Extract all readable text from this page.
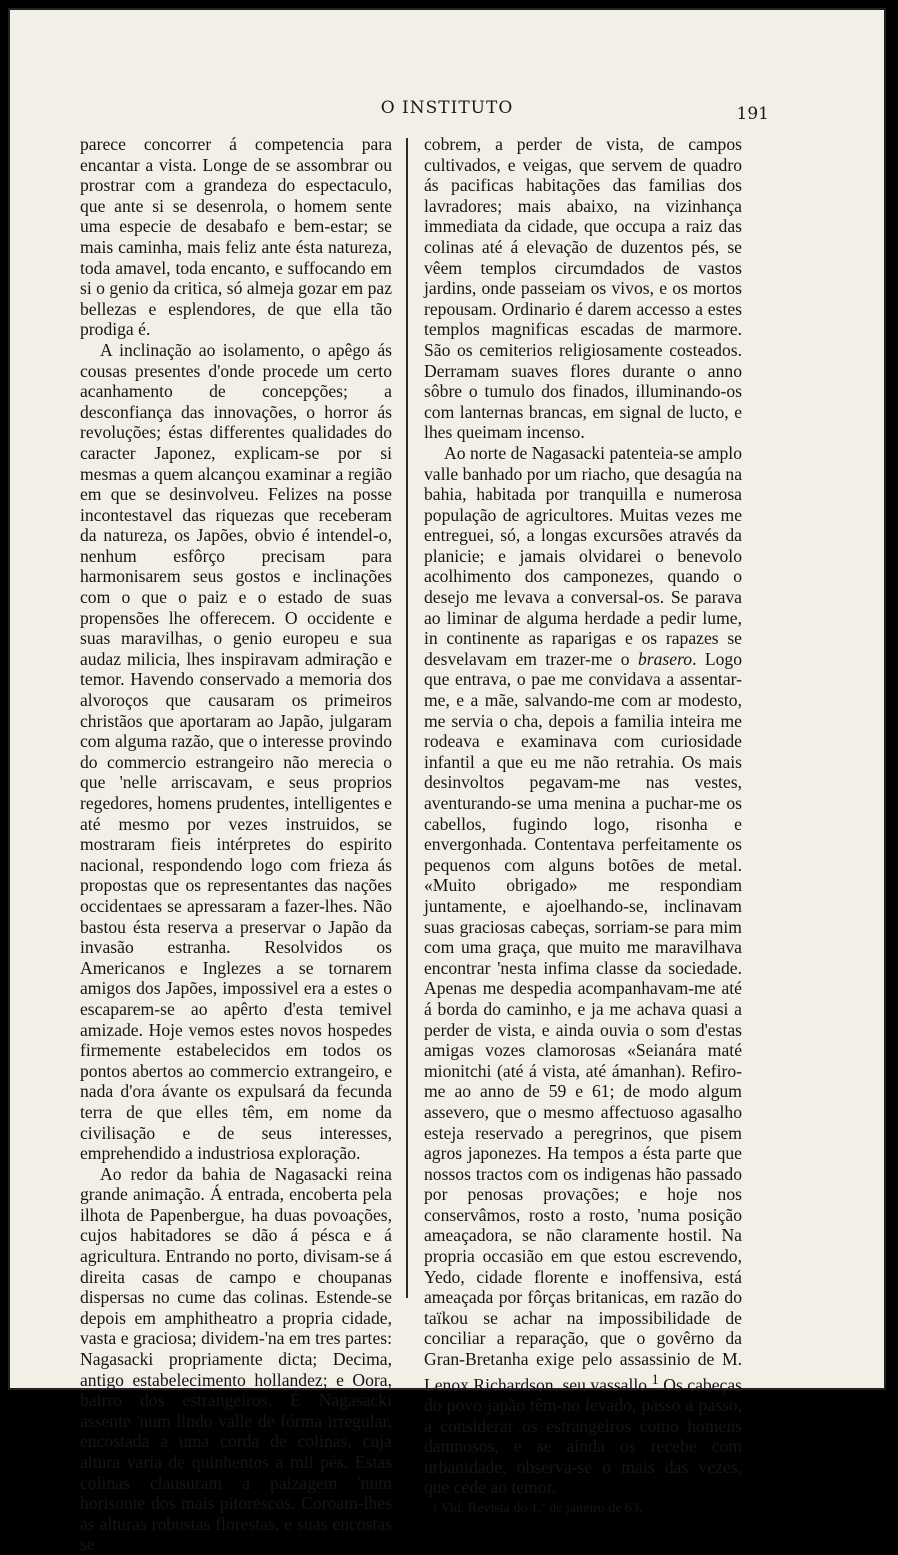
O INSTITUTO	191

parece concorrer á competencia para encantar a vista. Longe de se assombrar ou prostrar com a grandeza do espectaculo, que ante si se desenrola, o homem sente uma especie de desabafo e bem-estar; se mais caminha, mais feliz ante ésta natureza, toda amavel, toda encanto, e suffocando em si o genio da critica, só almeja gozar em paz bellezas e esplendores, de que ella tão prodiga é.

A inclinação ao isolamento, o apêgo ás cousas presentes d'onde procede um certo acanhamento de concepções; a desconfiança das innovações, o horror ás revoluções; éstas differentes qualidades do caracter Japonez, explicam-se por si mesmas a quem alcançou examinar a região em que se desinvolveu. Felizes na posse incontestavel das riquezas que receberam da natureza, os Japões, obvio é intendel-o, nenhum esfôrço precisam para harmonisarem seus gostos e inclinações com o que o paiz e o estado de suas propensões lhe offerecem. O occidente e suas maravilhas, o genio europeu e sua audaz milicia, lhes inspiravam admiração e temor. Havendo conservado a memoria dos alvoroços que causaram os primeiros christãos que aportaram ao Japão, julgaram com alguma razão, que o interesse provindo do commercio estrangeiro não merecia o que 'nelle arriscavam, e seus proprios regedores, homens prudentes, intelligentes e até mesmo por vezes instruidos, se mostraram fieis intérpretes do espirito nacional, respondendo logo com frieza ás propostas que os representantes das nações occidentaes se apressaram a fazer-lhes. Não bastou ésta reserva a preservar o Japão da invasão estranha. Resolvidos os Americanos e Inglezes a se tornarem amigos dos Japões, impossivel era a estes o escaparem-se ao apêrto d'esta temivel amizade. Hoje vemos estes novos hospedes firmemente estabelecidos em todos os pontos abertos ao commercio extrangeiro, e nada d'ora ávante os expulsará da fecunda terra de que elles têm, em nome da civilisação e de seus interesses, emprehendido a industriosa exploração.

Ao redor da bahia de Nagasacki reina grande animação. Á entrada, encoberta pela ilhota de Papenbergue, ha duas povoações, cujos habitadores se dão á pésca e á agricultura. Entrando no porto, divisam-se á direita casas de campo e choupanas dispersas no cume das colinas. Estende-se depois em amphitheatro a propria cidade, vasta e graciosa; dividem-'na em tres partes: Nagasacki propriamente dicta; Decima, antigo estabelecimento hollandez; e Oora, bairro dos estrangeiros. É Nagasacki assente 'num lindo valle de fórma irregular, encostada a uma corda de colinas, cuja altura varía de quinhentos a mil pés. Estas colinas clausuram a paizagem 'num horisonte dos mais pitorescos. Coroam-lhes as alturas robustas florestas, e suas encostas se

cobrem, a perder de vista, de campos cultivados, e veigas, que servem de quadro ás pacificas habitações das familias dos lavradores; mais abaixo, na vizinhança immediata da cidade, que occupa a raiz das colinas até á elevação de duzentos pés, se vêem templos circumdados de vastos jardins, onde passeiam os vivos, e os mortos repousam. Ordinario é darem accesso a estes templos magnificas escadas de marmore. São os cemiterios religiosamente costeados. Derramam suaves flores durante o anno sôbre o tumulo dos finados, illuminando-os com lanternas brancas, em signal de lucto, e lhes queimam incenso.

Ao norte de Nagasacki patenteia-se amplo valle banhado por um riacho, que desagúa na bahia, habitada por tranquilla e numerosa população de agricultores. Muitas vezes me entreguei, só, a longas excursões através da planicie; e jamais olvidarei o benevolo acolhimento dos camponezes, quando o desejo me levava a conversal-os. Se parava ao liminar de alguma herdade a pedir lume, in continente as raparigas e os rapazes se desvelavam em trazer-me o brasero. Logo que entrava, o pae me convidava a assentar-me, e a mãe, salvando-me com ar modesto, me servia o cha, depois a familia inteira me rodeava e examinava com curiosidade infantil a que eu me não retrahia. Os mais desinvoltos pegavam-me nas vestes, aventurando-se uma menina a puchar-me os cabellos, fugindo logo, risonha e envergonhada. Contentava perfeitamente os pequenos com alguns botões de metal. «Muito obrigado» me respondiam juntamente, e ajoelhando-se, inclinavam suas graciosas cabeças, sorriam-se para mim com uma graça, que muito me maravilhava encontrar 'nesta infima classe da sociedade. Apenas me despedia acompanhavam-me até á borda do caminho, e ja me achava quasi a perder de vista, e ainda ouvia o som d'estas amigas vozes clamorosas «Seianára maté mionitchi (até á vista, até ámanhan). Refiro-me ao anno de 59 e 61; de modo algum assevero, que o mesmo affectuoso agasalho esteja reservado a peregrinos, que pisem agros japonezes. Ha tempos a ésta parte que nossos tractos com os indigenas hão passado por penosas provações; e hoje nos conservâmos, rosto a rosto, 'numa posição ameaçadora, se não claramente hostil. Na propria occasião em que estou escrevendo, Yedo, cidade florente e inoffensiva, está ameaçada por fôrças britanicas, em razão do taïkou se achar na impossibilidade de conciliar a reparação, que o govêrno da Gran-Bretanha exige pelo assassinio de M. Lenox Richardson, seu vassallo.$^1$ Os cabeças do povo japão têm-no levado, passo a passo, a considerar os estrangeiros como homens damnosos, e se ainda os recebe com urbanidade, observa-se o mais das vezes, que cede ao temor.

$^1$ Vid. Revista do 1.º de janeiro de 63.
